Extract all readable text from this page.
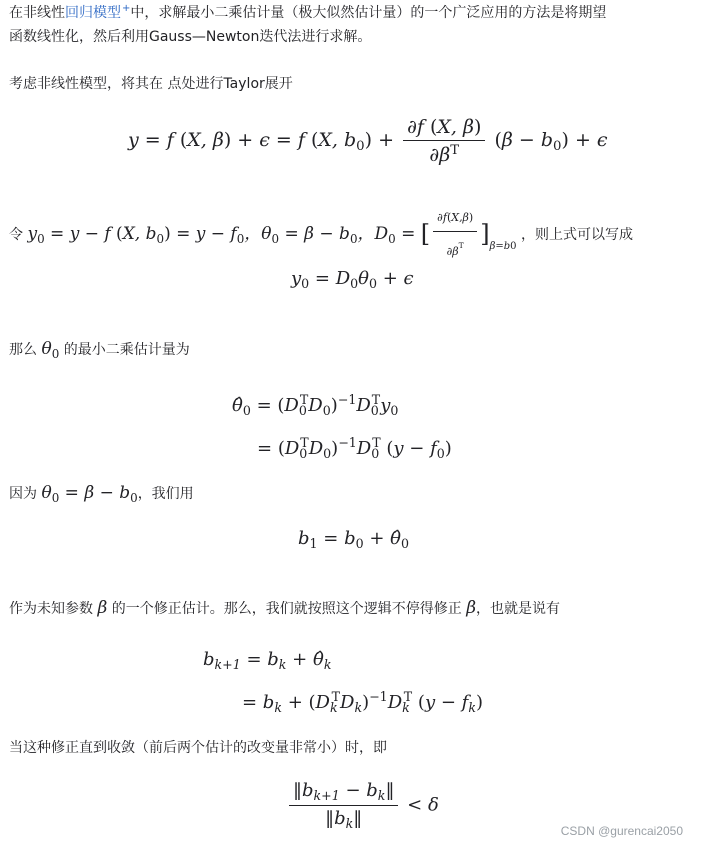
在非线性回归模型+中，求解最小二乘估计量（极大似然估计量）的一个广泛应用的方法是将期望
函数线性化，然后利用Gauss—Newton迭代法进行求解。
考虑非线性模型，将其在 点处进行Taylor展开
y = f (X, β) + ϵ = f (X, $b_0) + \frac{\partial f (X, \beta)}{\partial\beta^T} (\beta - b_0) + \epsilon$
令 $y_0 = y - f$ (X, $b_0) = y - f_0$，$\theta_0 = \beta - b_0$，$D_0$ = [ $\frac{\partial f(X,\beta)}{\partial\beta^T} ]_{\beta=b0}$ ，则上式可以写成
$y_0 = D_0\theta_0 + \epsilon$
那么 $\theta_0$ 的最小二乘估计量为
$\thetâ_0 = (D_0^TD_0)^{-1}D_0^Ty_0$
= $(D_0^TD_0)^{-1}D_0^T$ $(y - f_0)$
因为 $\theta_0 = \beta - b_0$，我们用
$b_1 = b_0$ + $\thetâ_0$
作为未知参数 β 的一个修正估计。那么，我们就按照这个逻辑不停得修正 β，也就是说有
$b_{k+1} = b_k$ + $\thetâ_k$
= $b_k + (D_k^TD_k)^{-1}D_k^T$ $(y - f_k)$
当这种修正直到收敛（前后两个估计的改变量非常小）时，即
$\frac{‖b_{k+1} - b_k‖}{‖b_k‖} < \delta$
CSDN @gurencai2050
